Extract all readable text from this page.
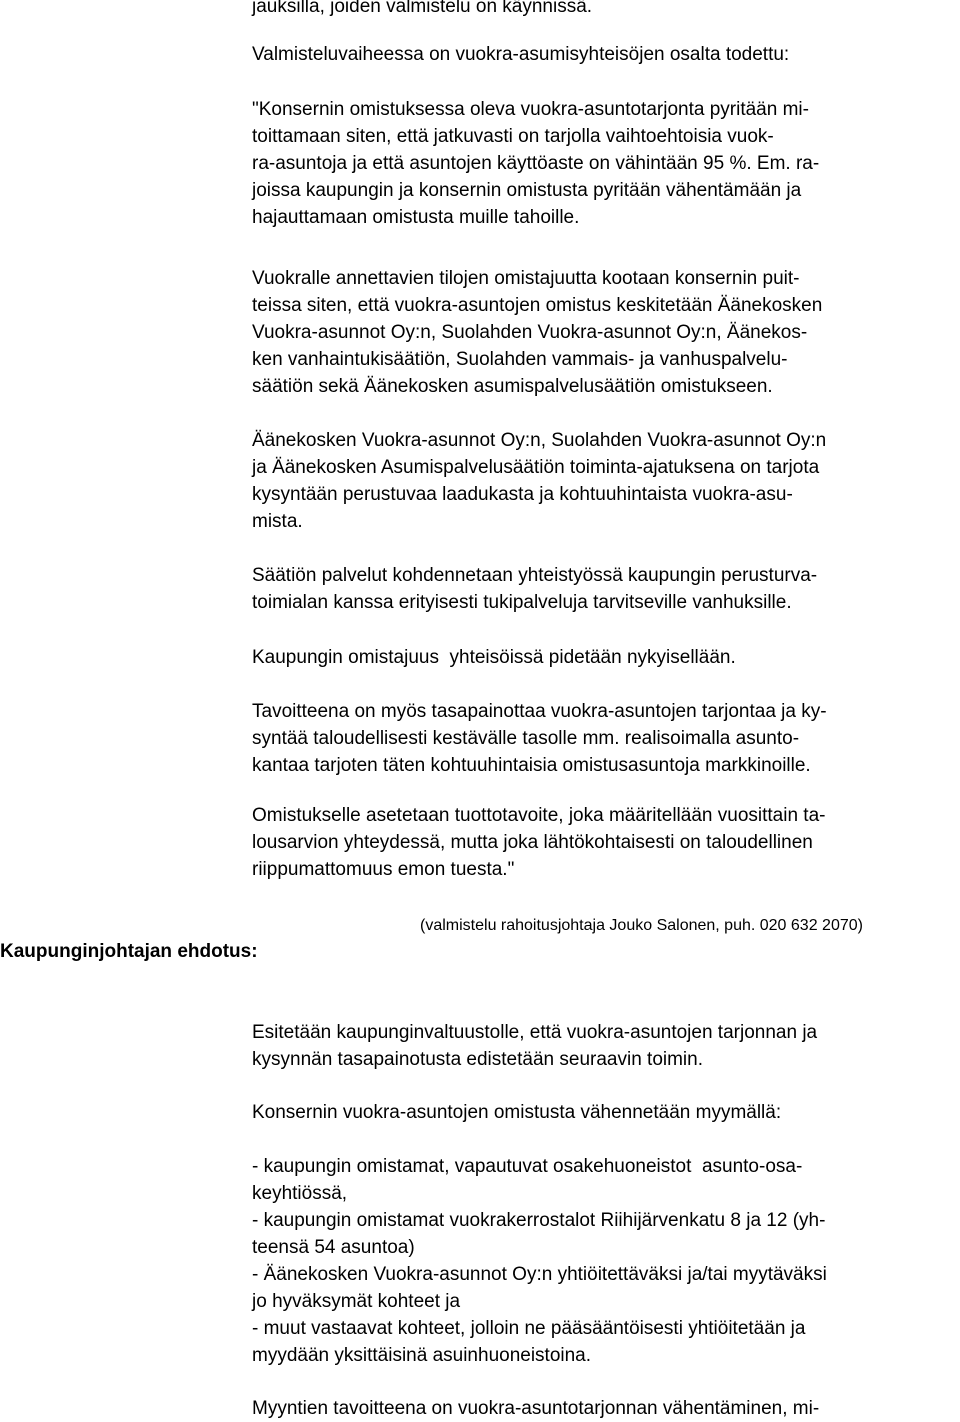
jauksilla, joiden valmistelu on käynnissä.
Valmisteluvaiheessa on vuokra-asumisyhteisöjen osalta todettu:
"Konsernin omistuksessa oleva vuokra-asuntotarjonta pyritään mi-
toittamaan siten, että jatkuvasti on tarjolla vaihtoehtoisia vuok-
ra-asuntoja ja että asuntojen käyttöaste on vähintään 95 %. Em. ra-
joissa kaupungin ja konsernin omistusta pyritään vähentämään ja
hajauttamaan omistusta muille tahoille.
Vuokralle annettavien tilojen omistajuutta kootaan konsernin puit-
teissa siten, että vuokra-asuntojen omistus keskitetään Äänekosken
Vuokra-asunnot Oy:n, Suolahden Vuokra-asunnot Oy:n, Äänekos-
ken vanhaintukisäätiön, Suolahden vammais- ja vanhuspalvelu-
säätiön sekä Äänekosken asumispalvelusäätiön omistukseen.
Äänekosken Vuokra-asunnot Oy:n, Suolahden Vuokra-asunnot Oy:n
ja Äänekosken Asumispalvelusäätiön toiminta-ajatuksena on tarjota
kysyntään perustuvaa laadukasta ja kohtuuhintaista vuokra-asu-
mista.
Säätiön palvelut kohdennetaan yhteistyössä kaupungin perusturva-
toimialan kanssa erityisesti tukipalveluja tarvitseville vanhuksille.
Kaupungin omistajuus  yhteisöissä pidetään nykyisellään.
Tavoitteena on myös tasapainottaa vuokra-asuntojen tarjontaa ja ky-
syntää taloudellisesti kestävälle tasolle mm. realisoimalla asunto-
kantaa tarjoten täten kohtuuhintaisia omistusasuntoja markkinoille.
Omistukselle asetetaan tuottotavoite, joka määritellään vuosittain ta-
lousarvion yhteydessä, mutta joka lähtökohtaisesti on taloudellinen
riippumattomuus emon tuesta."
(valmistelu rahoitusjohtaja Jouko Salonen, puh. 020 632 2070)
Kaupunginjohtajan ehdotus:
Esitetään kaupunginvaltuustolle, että vuokra-asuntojen tarjonnan ja
kysynnän tasapainotusta edistetään seuraavin toimin.
Konsernin vuokra-asuntojen omistusta vähennetään myymällä:
- kaupungin omistamat, vapautuvat osakehuoneistot  asunto-osa-
keyhtiössä,
- kaupungin omistamat vuokrakerrostalot Riihijärvenkatu 8 ja 12 (yh-
teensä 54 asuntoa)
- Äänekosken Vuokra-asunnot Oy:n yhtiöitettäväksi ja/tai myytäväksi
jo hyväksymät kohteet ja
- muut vastaavat kohteet, jolloin ne pääsääntöisesti yhtiöitetään ja
myydään yksittäisinä asuinhuoneistoina.
Myyntien tavoitteena on vuokra-asuntotarjonnan vähentäminen, mi-
